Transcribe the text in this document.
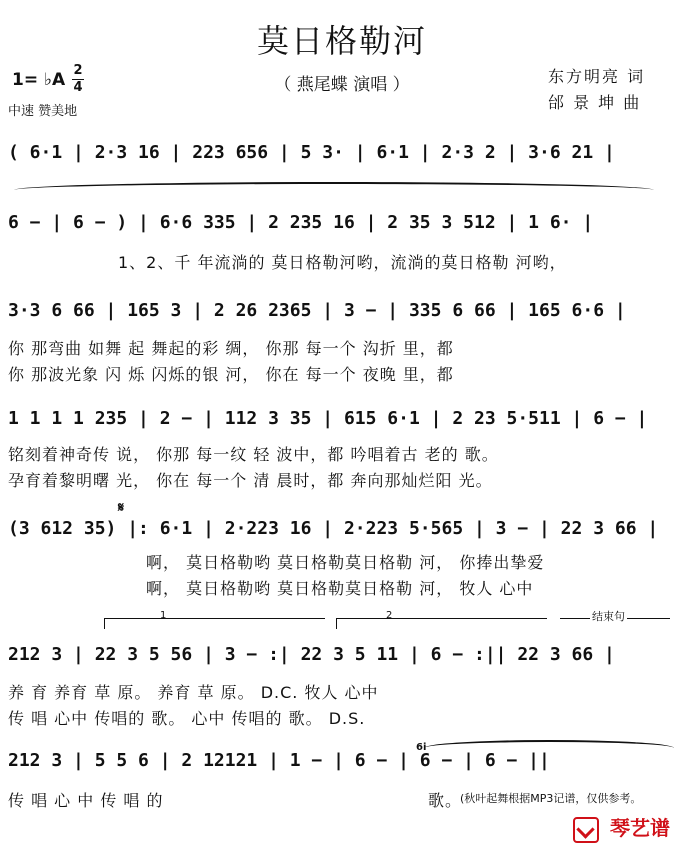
莫日格勒河
（ 燕尾蝶 演唱 ）
1= ♭A 2
4
中速 赞美地
东方明亮 词
邰 景 坤 曲
( 6·1 | 2·3 16 | 223 656 | 5 3· | 6·1 | 2·3 2 | 3·6 21 |
6 − | 6 − ) | 6·6 335 | 2 235 16 | 2 35 3 512 | 1 6· |
1、2、千 年流淌的 莫日格勒河哟，流淌的莫日格勒 河哟，
3·3 6 66 | 165 3 | 2 26 2365 | 3 − | 335 6 66 | 165 6·6 |
你 那弯曲 如舞 起 舞起的彩 绸， 你那 每一个 沟折 里，都
你 那波光象 闪 烁 闪烁的银 河， 你在 每一个 夜晚 里，都
1 1 1 1 235 | 2 − | 112 3 35 | 615 6·1 | 2 23 5·511 | 6 − |
铭刻着神奇传 说， 你那 每一纹 轻 波中，都 吟唱着古 老的 歌。
孕育着黎明曙 光， 你在 每一个 清 晨时，都 奔向那灿烂阳 光。
(3 612 35) |: 6·1 | 2·223 16 | 2·223 5·565 | 3 − | 22 3 66 |
𝄋
啊， 莫日格勒哟 莫日格勒莫日格勒 河， 你捧出挚爱
啊， 莫日格勒哟 莫日格勒莫日格勒 河， 牧人 心中
1	2	结束句
212 3 | 22 3 5 56 | 3 − :| 22 3 5 11 | 6 − :|| 22 3 66 |
养 育 养育 草 原。 养育 草 原。 D.C. 牧人 心中
传 唱 心中 传唱的 歌。 心中 传唱的 歌。 D.S.
6i
212 3 | 5 5 6 | 2 12121 | 1 − | 6 − | 6 − | 6 − ||
传 唱 心 中 传 唱 的	歌。
(秋叶起舞根据MP3记谱，仅供参考。
琴艺谱
